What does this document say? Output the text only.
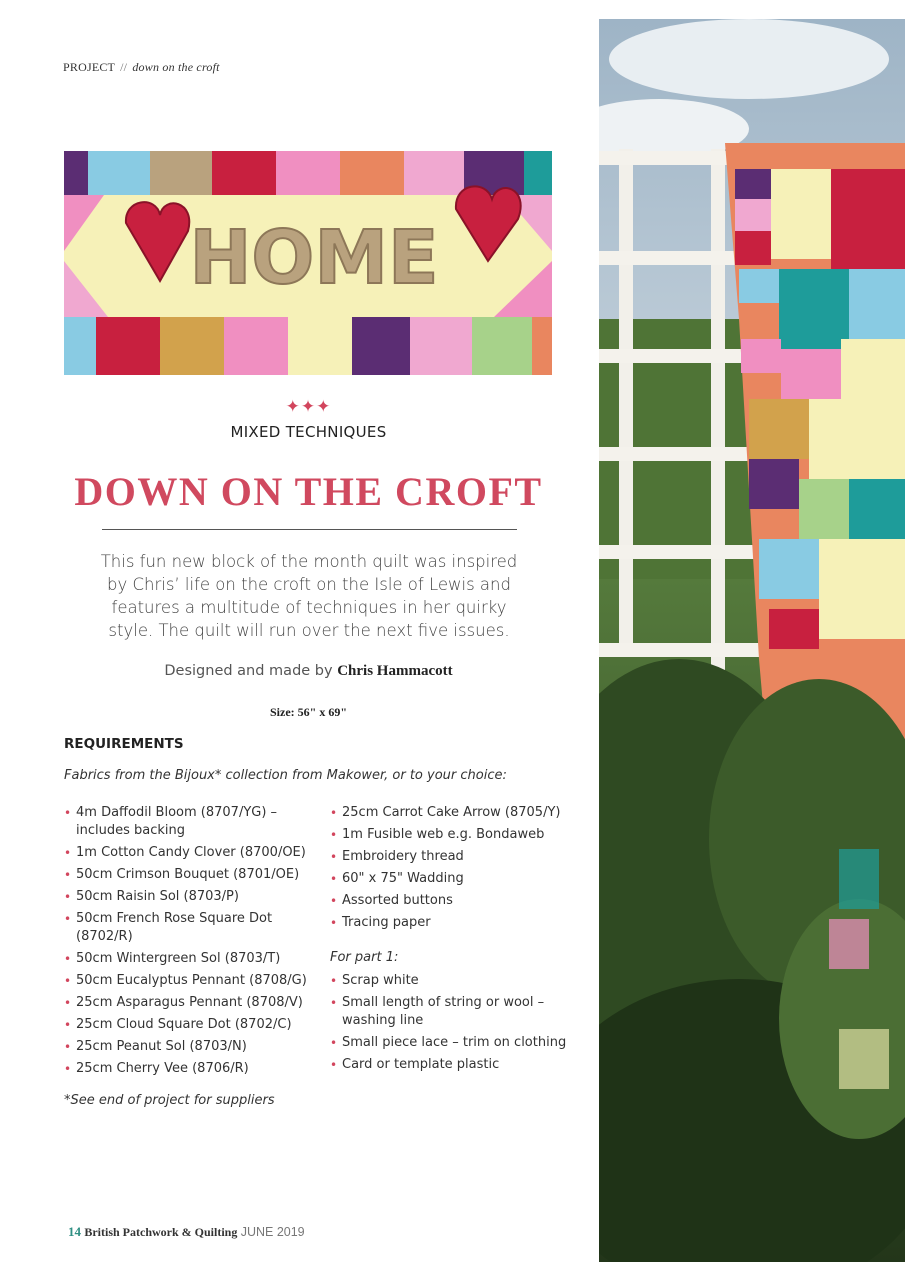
PROJECT // down on the croft
HOME
✦✦✦
MIXED TECHNIQUES
DOWN ON THE CROFT

This fun new block of the month quilt was inspired by Chris’ life on the croft on the Isle of Lewis and features a multitude of techniques in her quirky style. The quilt will run over the next five issues.

Designed and made by Chris Hammacott
Size: 56" x 69"
REQUIREMENTS
Fabrics from the Bijoux* collection from Makower, or to your choice:
• 4m Daffodil Bloom (8707/YG) – includes backing
• 1m Cotton Candy Clover (8700/OE)
• 50cm Crimson Bouquet (8701/OE)
• 50cm Raisin Sol (8703/P)
• 50cm French Rose Square Dot (8702/R)
• 50cm Wintergreen Sol (8703/T)
• 50cm Eucalyptus Pennant (8708/G)
• 25cm Asparagus Pennant (8708/V)
• 25cm Cloud Square Dot (8702/C)
• 25cm Peanut Sol (8703/N)
• 25cm Cherry Vee (8706/R)
• 25cm Carrot Cake Arrow (8705/Y)
• 1m Fusible web e.g. Bondaweb
• Embroidery thread
• 60" x 75" Wadding
• Assorted buttons
• Tracing paper
For part 1:
• Scrap white
• Small length of string or wool – washing line
• Small piece lace – trim on clothing
• Card or template plastic
*See end of project for suppliers
14 British Patchwork & Quilting JUNE 2019
